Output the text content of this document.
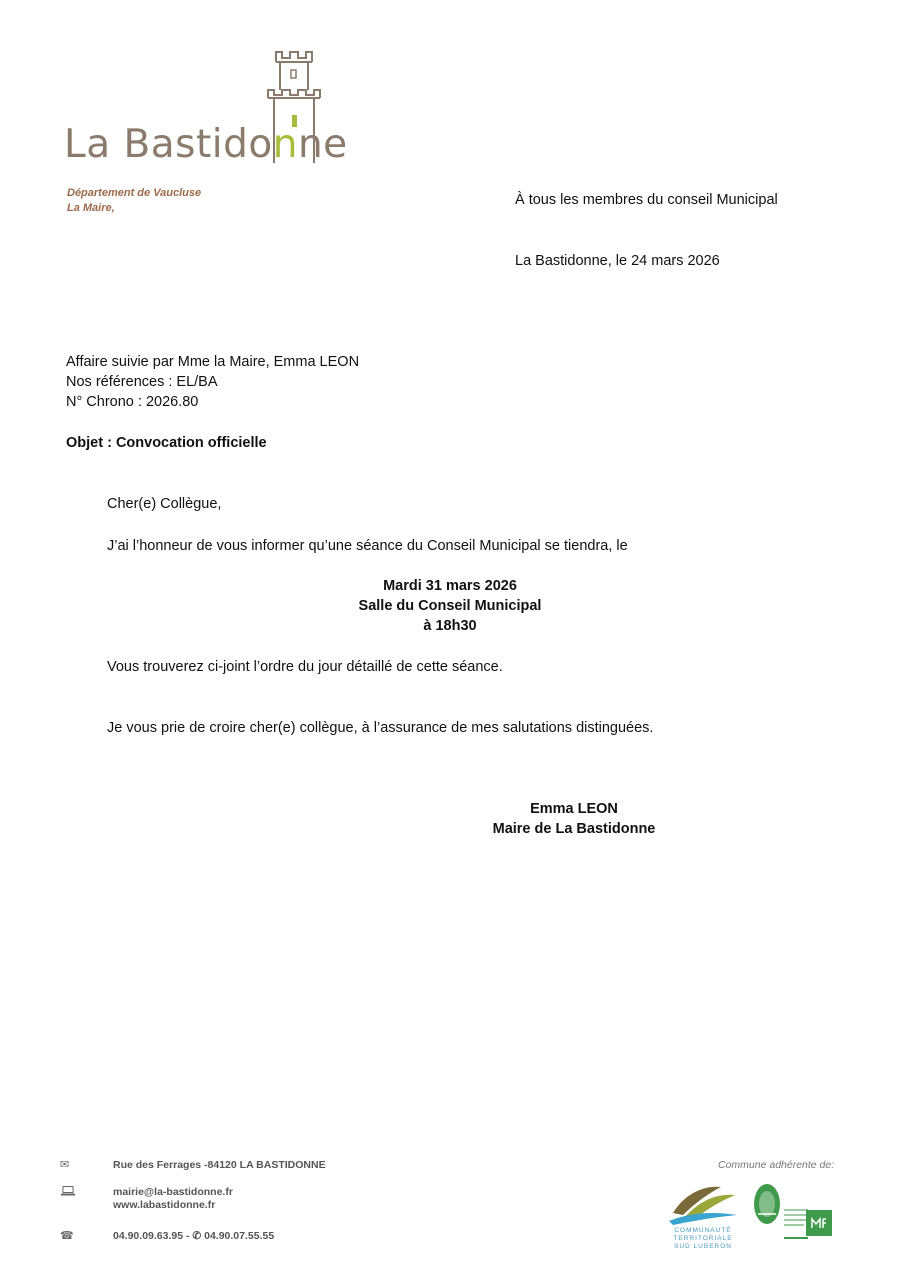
La Bastidonne
Département de Vaucluse
La Maire,	À tous les membres du conseil Municipal
La Bastidonne, le 24 mars 2026
Affaire suivie par Mme la Maire, Emma LEON
Nos références : EL/BA
N° Chrono : 2026.80
Objet : Convocation officielle
Cher(e) Collègue,
J’ai l’honneur de vous informer qu’une séance du Conseil Municipal se tiendra, le
Mardi 31 mars 2026
Salle du Conseil Municipal
à 18h30
Vous trouverez ci-joint l’ordre du jour détaillé de cette séance.
Je vous prie de croire cher(e) collègue, à l’assurance de mes salutations distinguées.
Emma LEON
Maire de La Bastidonne
✉	Rue des Ferrages -84120 LA BASTIDONNE
mairie@la-bastidonne.fr
www.labastidonne.fr
☎	04.90.09.63.95 - ✆ 04.90.07.55.55
Commune adhérente de:
COMMUNAUTÉ
TERRITORIALE
SUD LUBERON
